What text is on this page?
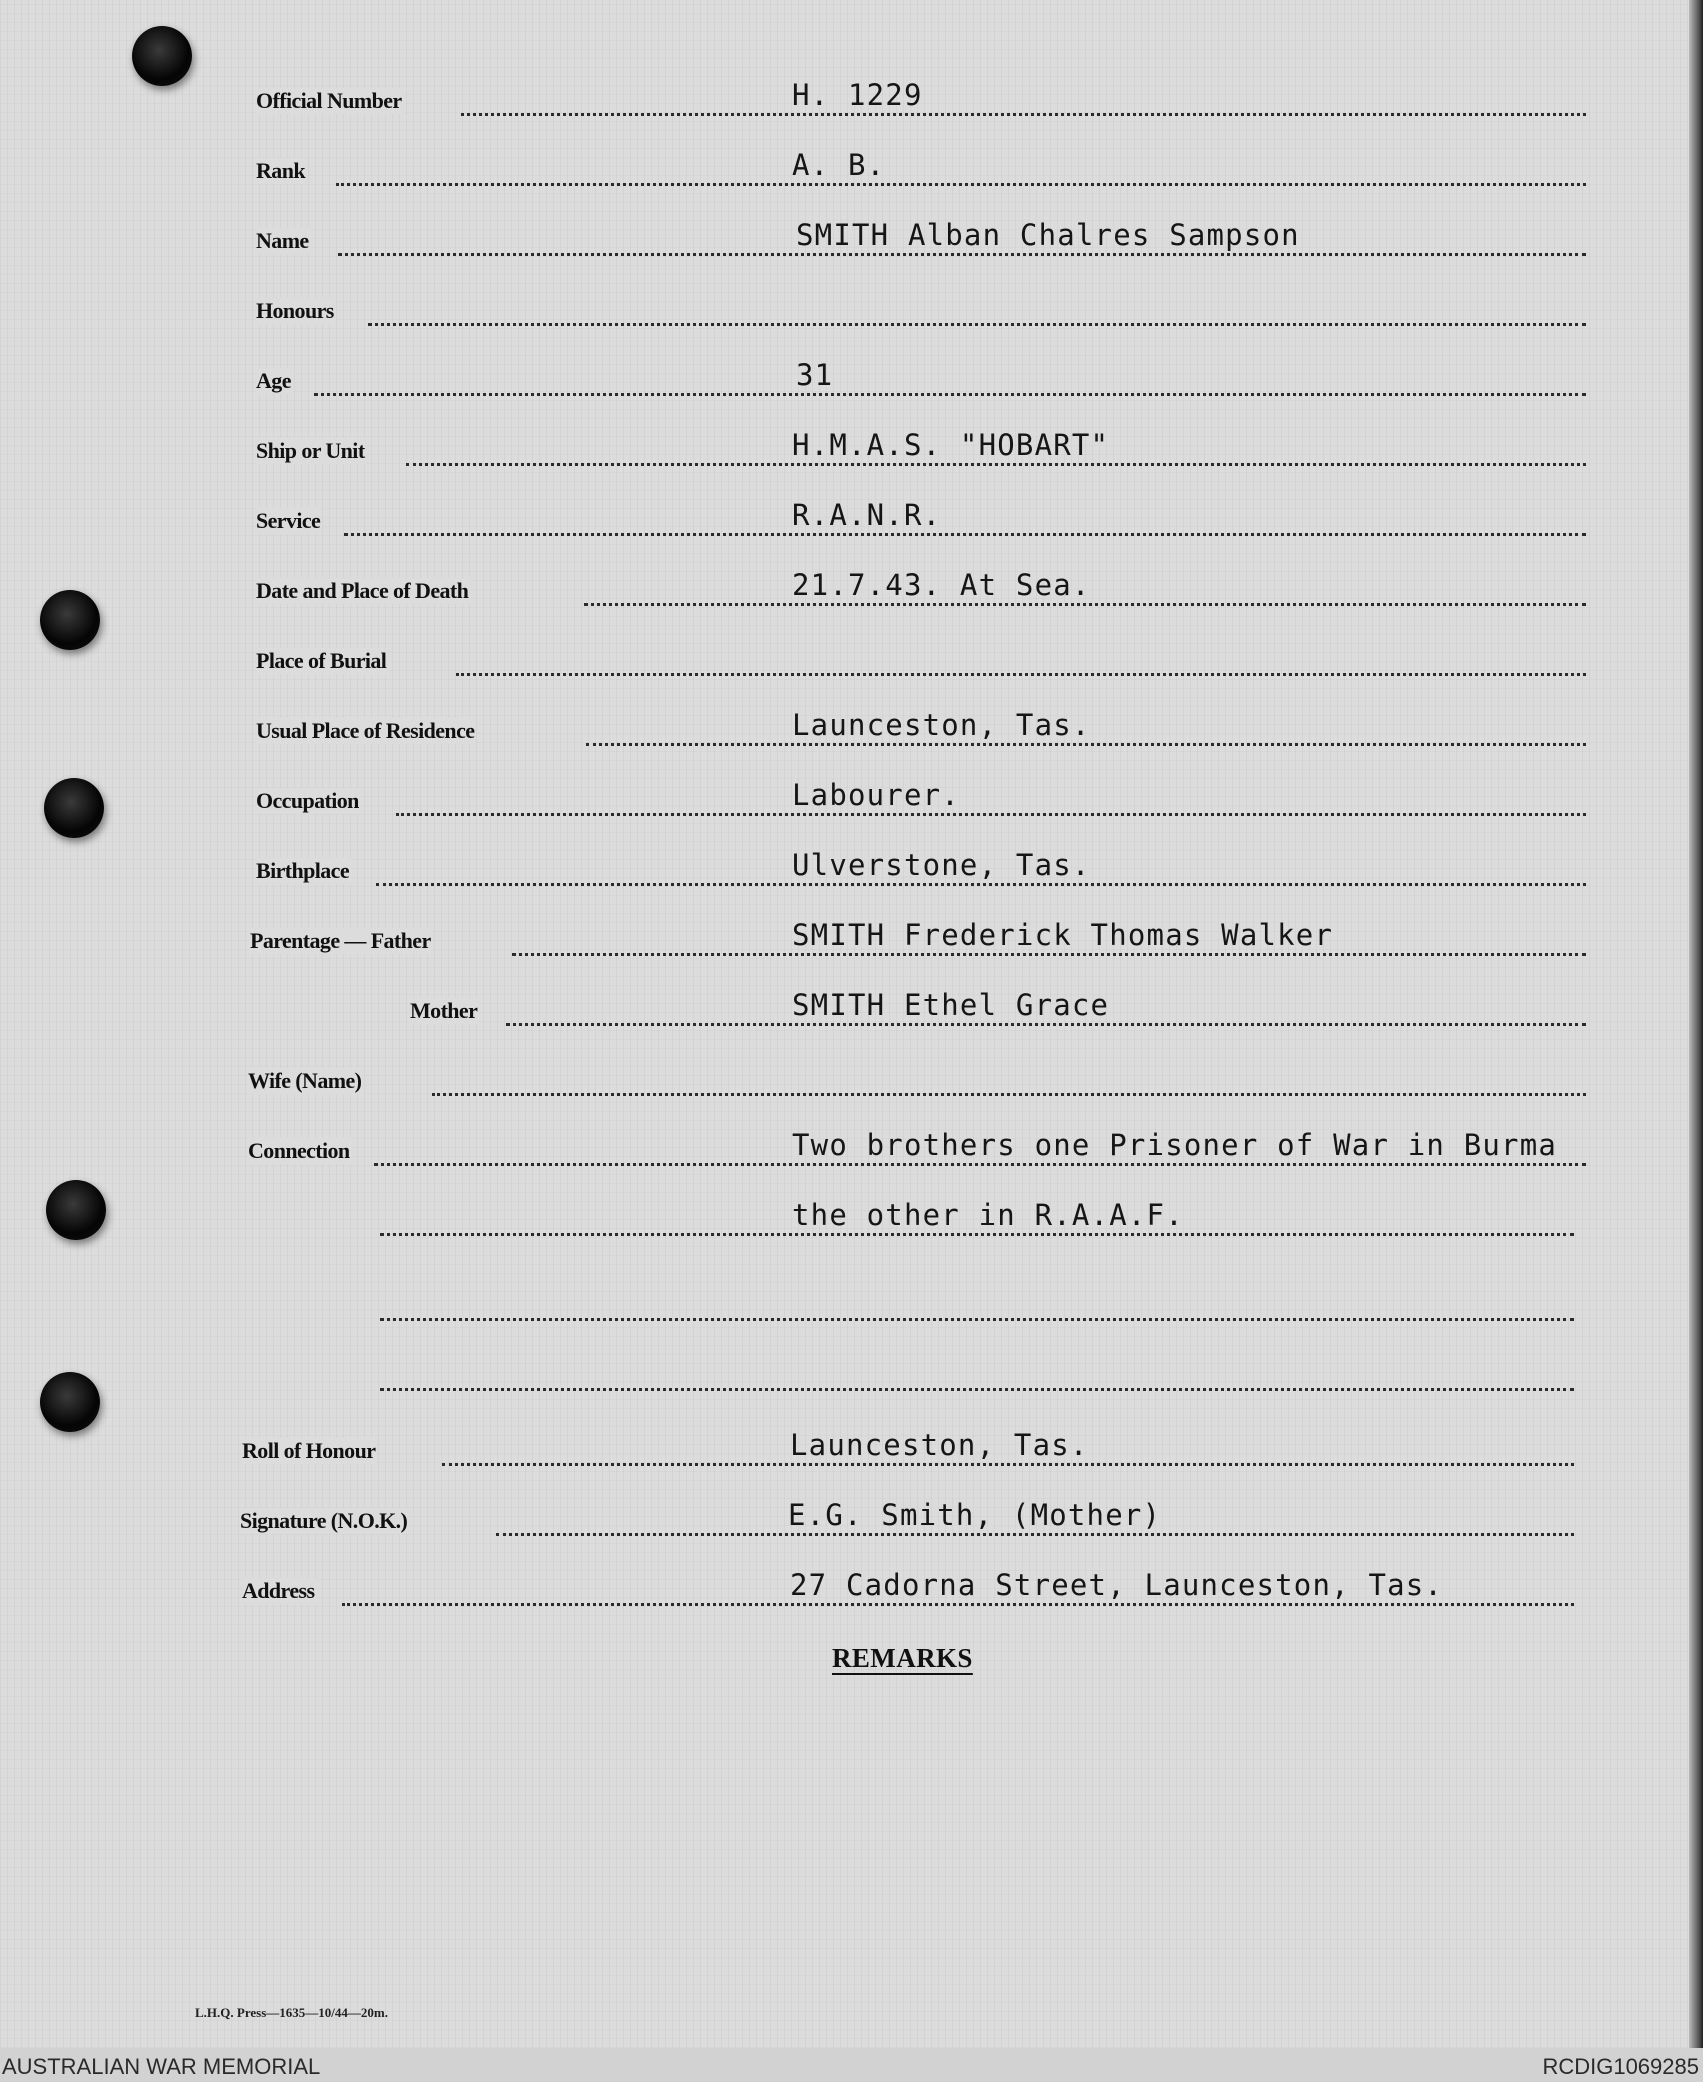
Official Number	H. 1229
Rank	A. B.
Name	SMITH Alban Chalres Sampson
Honours
Age	31
Ship or Unit	H.M.A.S. "HOBART"
Service	R.A.N.R.
Date and Place of Death	21.7.43. At Sea.
Place of Burial
Usual Place of Residence	Launceston, Tas.
Occupation	Labourer.
Birthplace	Ulverstone, Tas.
Parentage — Father	SMITH Frederick Thomas Walker
Mother	SMITH Ethel Grace
Wife (Name)
Connection	Two brothers one Prisoner of War in Burma
the other in R.A.A.F.
Roll of Honour	Launceston, Tas.
Signature (N.O.K.)	E.G. Smith, (Mother)
Address	27 Cadorna Street, Launceston, Tas.
REMARKS
L.H.Q. Press—1635—10/44—20m.
AUSTRALIAN WAR MEMORIAL	RCDIG1069285
